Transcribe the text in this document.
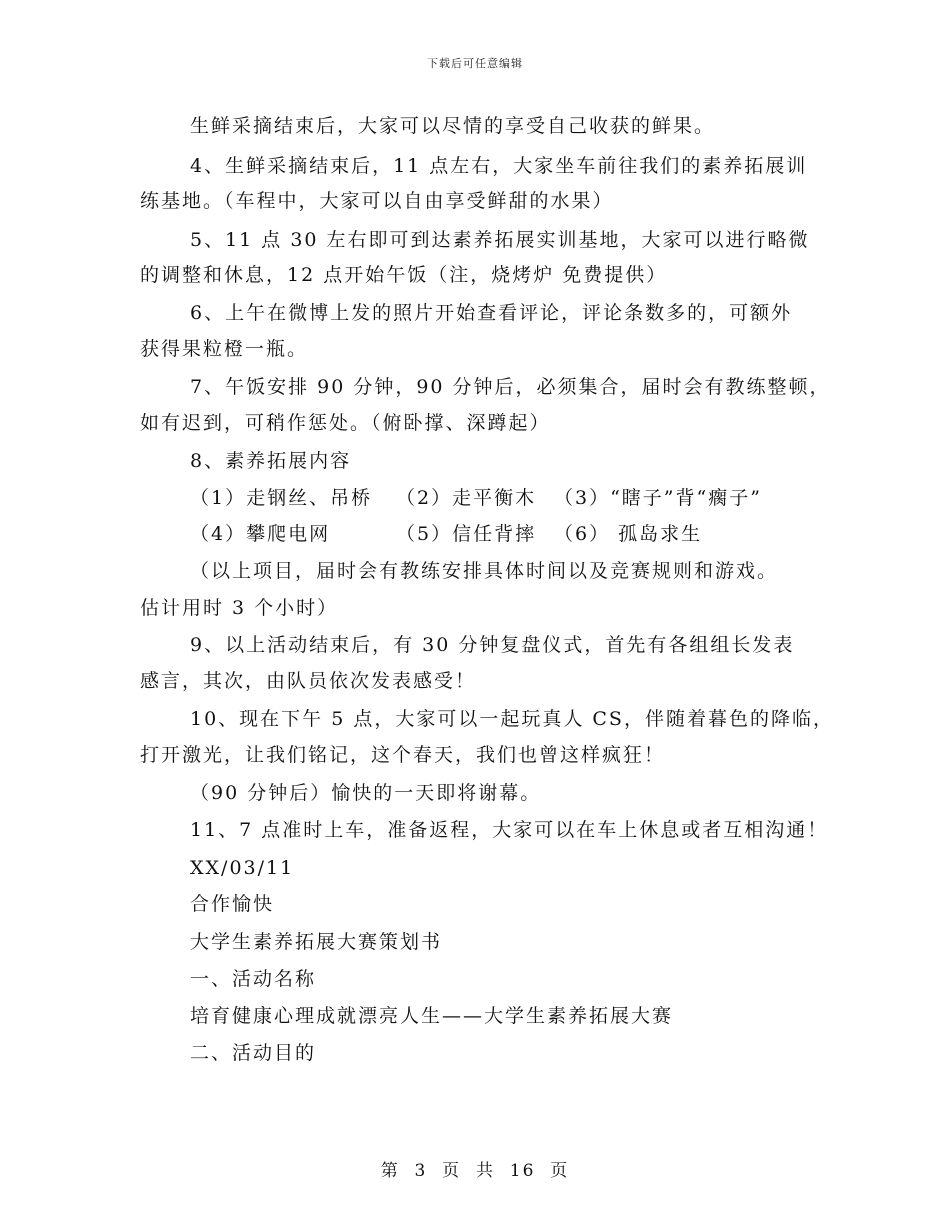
下载后可任意编辑
生鲜采摘结束后，大家可以尽情的享受自己收获的鲜果。
4、生鲜采摘结束后，11 点左右，大家坐车前往我们的素养拓展训
练基地。（车程中，大家可以自由享受鲜甜的水果）
5、11 点 30 左右即可到达素养拓展实训基地，大家可以进行略微
的调整和休息，12 点开始午饭（注，烧烤炉 免费提供）
6、上午在微博上发的照片开始查看评论，评论条数多的，可额外
获得果粒橙一瓶。
7、午饭安排 90 分钟，90 分钟后，必须集合，届时会有教练整顿，
如有迟到，可稍作惩处。（俯卧撑、深蹲起）
8、素养拓展内容
（1）走钢丝、吊桥 （2）走平衡木 （3）“瞎子”背“瘸子”
（4）攀爬电网	（5）信任背摔 （6） 孤岛求生
（以上项目，届时会有教练安排具体时间以及竞赛规则和游戏。
估计用时 3 个小时）
9、以上活动结束后，有 30 分钟复盘仪式，首先有各组组长发表
感言，其次，由队员依次发表感受！
10、现在下午 5 点，大家可以一起玩真人 CS，伴随着暮色的降临，
打开激光，让我们铭记，这个春天，我们也曾这样疯狂！
（90 分钟后）愉快的一天即将谢幕。
11、7 点准时上车，准备返程，大家可以在车上休息或者互相沟通！
XX/03/11
合作愉快
大学生素养拓展大赛策划书
一、活动名称
培育健康心理成就漂亮人生——大学生素养拓展大赛
二、活动目的
第  3  页  共  16  页
